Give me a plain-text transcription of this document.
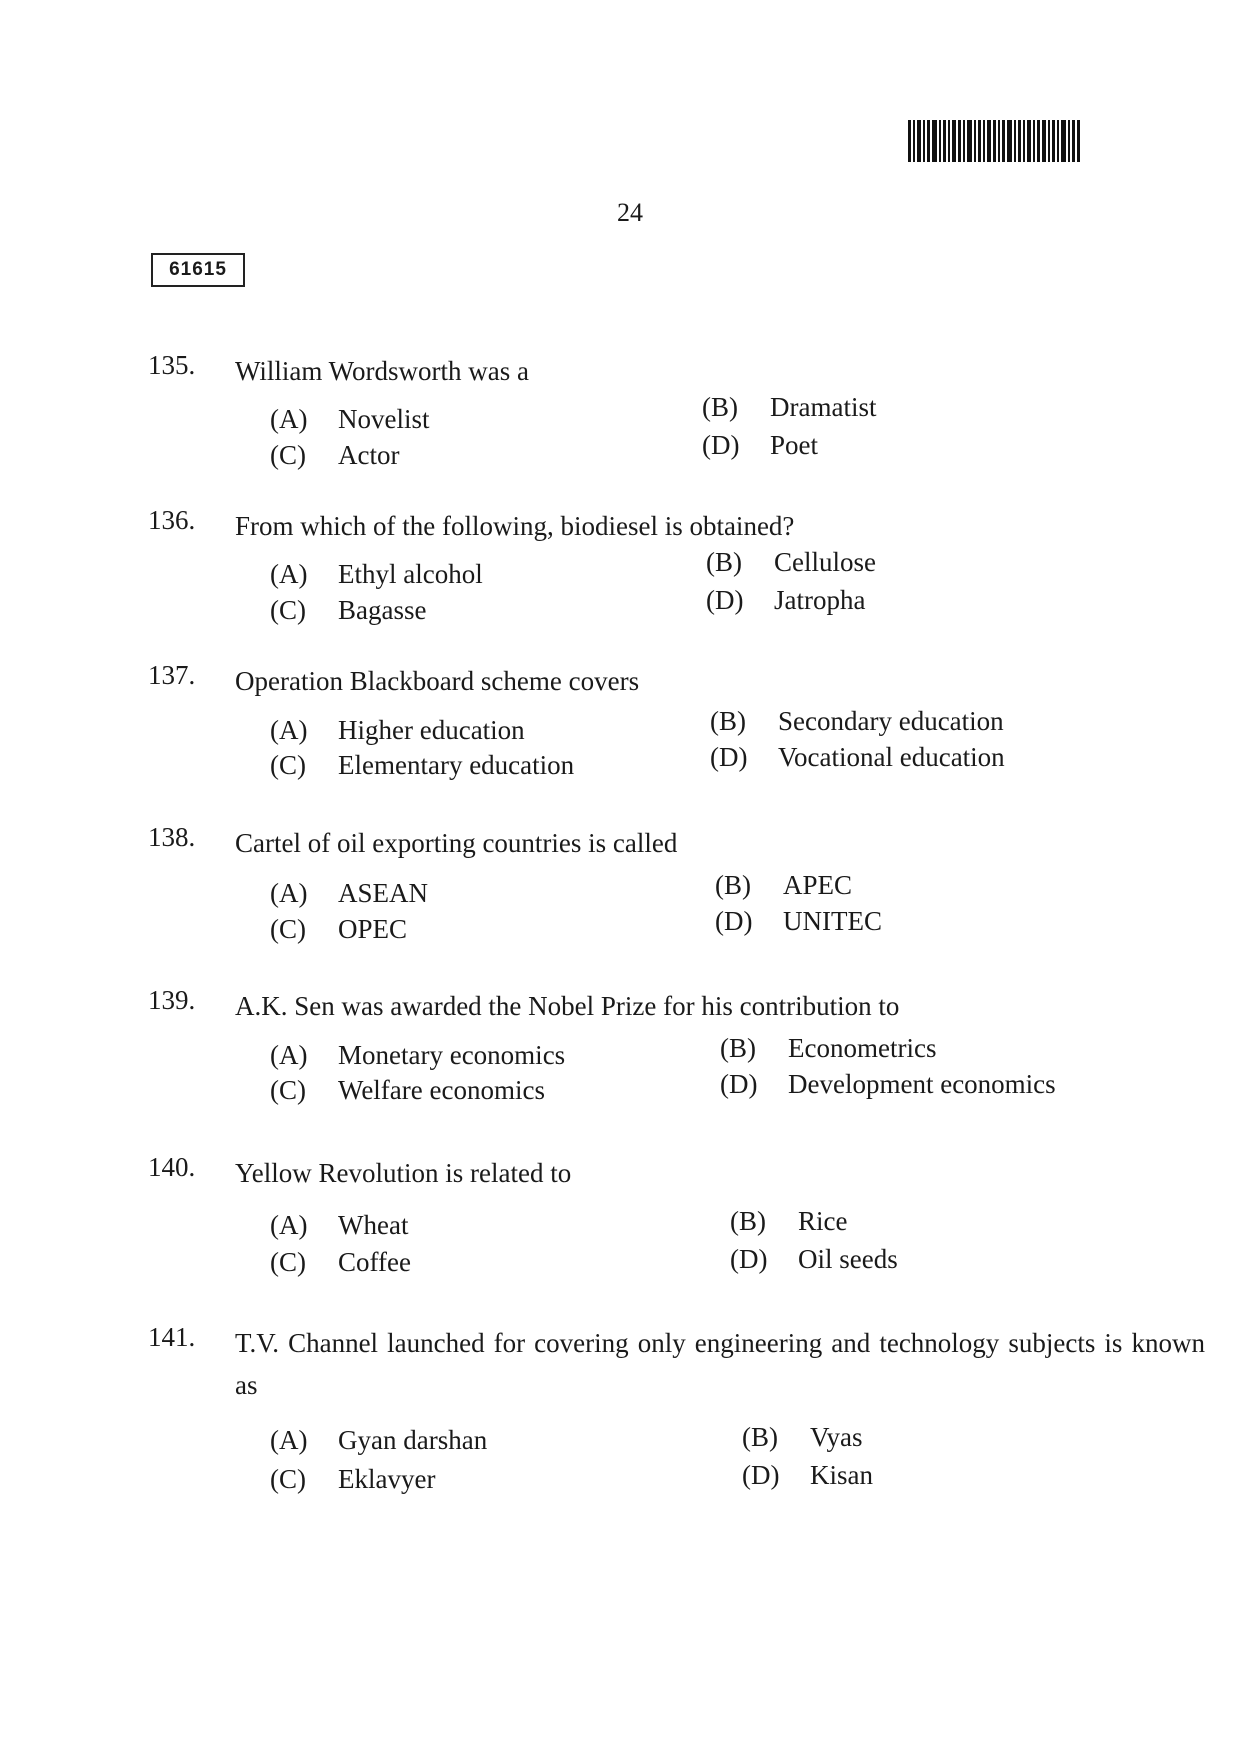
24
61615
135. William Wordsworth was a
(A) Novelist	(B) Dramatist
(C) Actor	(D) Poet
136. From which of the following, biodiesel is obtained?
(A) Ethyl alcohol	(B) Cellulose
(C) Bagasse	(D) Jatropha
137. Operation Blackboard scheme covers
(A) Higher education	(B) Secondary education
(C) Elementary education	(D) Vocational education
138. Cartel of oil exporting countries is called
(A) ASEAN	(B) APEC
(C) OPEC	(D) UNITEC
139. A.K. Sen was awarded the Nobel Prize for his contribution to
(A) Monetary economics	(B) Econometrics
(C) Welfare economics	(D) Development economics
140. Yellow Revolution is related to
(A) Wheat	(B) Rice
(C) Coffee	(D) Oil seeds
141. T.V. Channel launched for covering only engineering and technology subjects is known as
(A) Gyan darshan	(B) Vyas
(C) Eklavyer	(D) Kisan
